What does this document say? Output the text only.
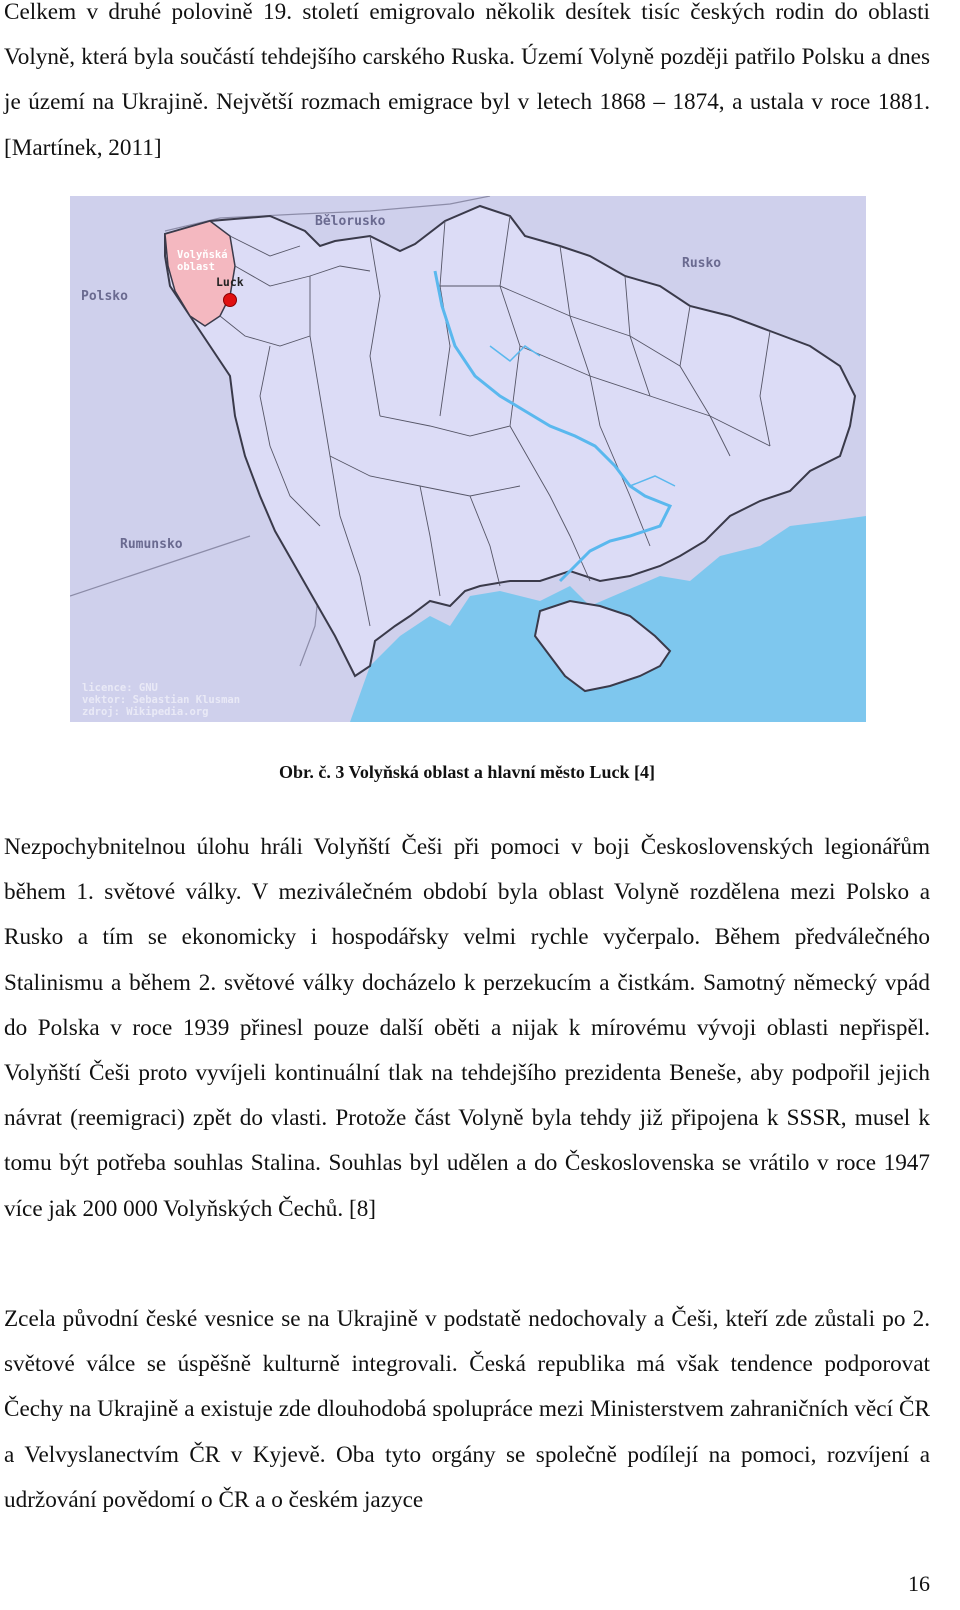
Celkem v druhé polovině 19. století emigrovalo několik desítek tisíc českých rodin do oblasti Volyně, která byla součástí tehdejšího carského Ruska. Území Volyně později patřilo Polsku a dnes je území na Ukrajině. Největší rozmach emigrace byl v letech 1868 – 1874, a ustala v roce 1881. [Martínek, 2011]

Bělorusko
Rusko
Polsko
Rumunsko
Volyňská
oblast
Luck
licence: GNU
vektor: Sebastian Klusman
zdroj: Wikipedia.org
Obr. č. 3 Volyňská oblast a hlavní město Luck [4]

Nezpochybnitelnou úlohu hráli Volyňští Češi při pomoci v boji Československých legionářům během 1. světové války. V meziválečném období byla oblast Volyně rozdělena mezi Polsko a Rusko a tím se ekonomicky i hospodářsky velmi rychle vyčerpalo. Během předválečného Stalinismu a během 2. světové války docházelo k perzekucím a čistkám. Samotný německý vpád do Polska v roce 1939 přinesl pouze další oběti a nijak k mírovému vývoji oblasti nepřispěl. Volyňští Češi proto vyvíjeli kontinuální tlak na tehdejšího prezidenta Beneše, aby podpořil jejich návrat (reemigraci) zpět do vlasti. Protože část Volyně byla tehdy již připojena k SSSR, musel k tomu být potřeba souhlas Stalina. Souhlas byl udělen a do Československa se vrátilo v roce 1947 více jak 200 000 Volyňských Čechů. [8]

Zcela původní české vesnice se na Ukrajině v podstatě nedochovaly a Češi, kteří zde zůstali po 2. světové válce se úspěšně kulturně integrovali. Česká republika má však tendence podporovat Čechy na Ukrajině a existuje zde dlouhodobá spolupráce mezi Ministerstvem zahraničních věcí ČR a Velvyslanectvím ČR v Kyjevě. Oba tyto orgány se společně podílejí na pomoci, rozvíjení a udržování povědomí o ČR a o českém jazyce

16
